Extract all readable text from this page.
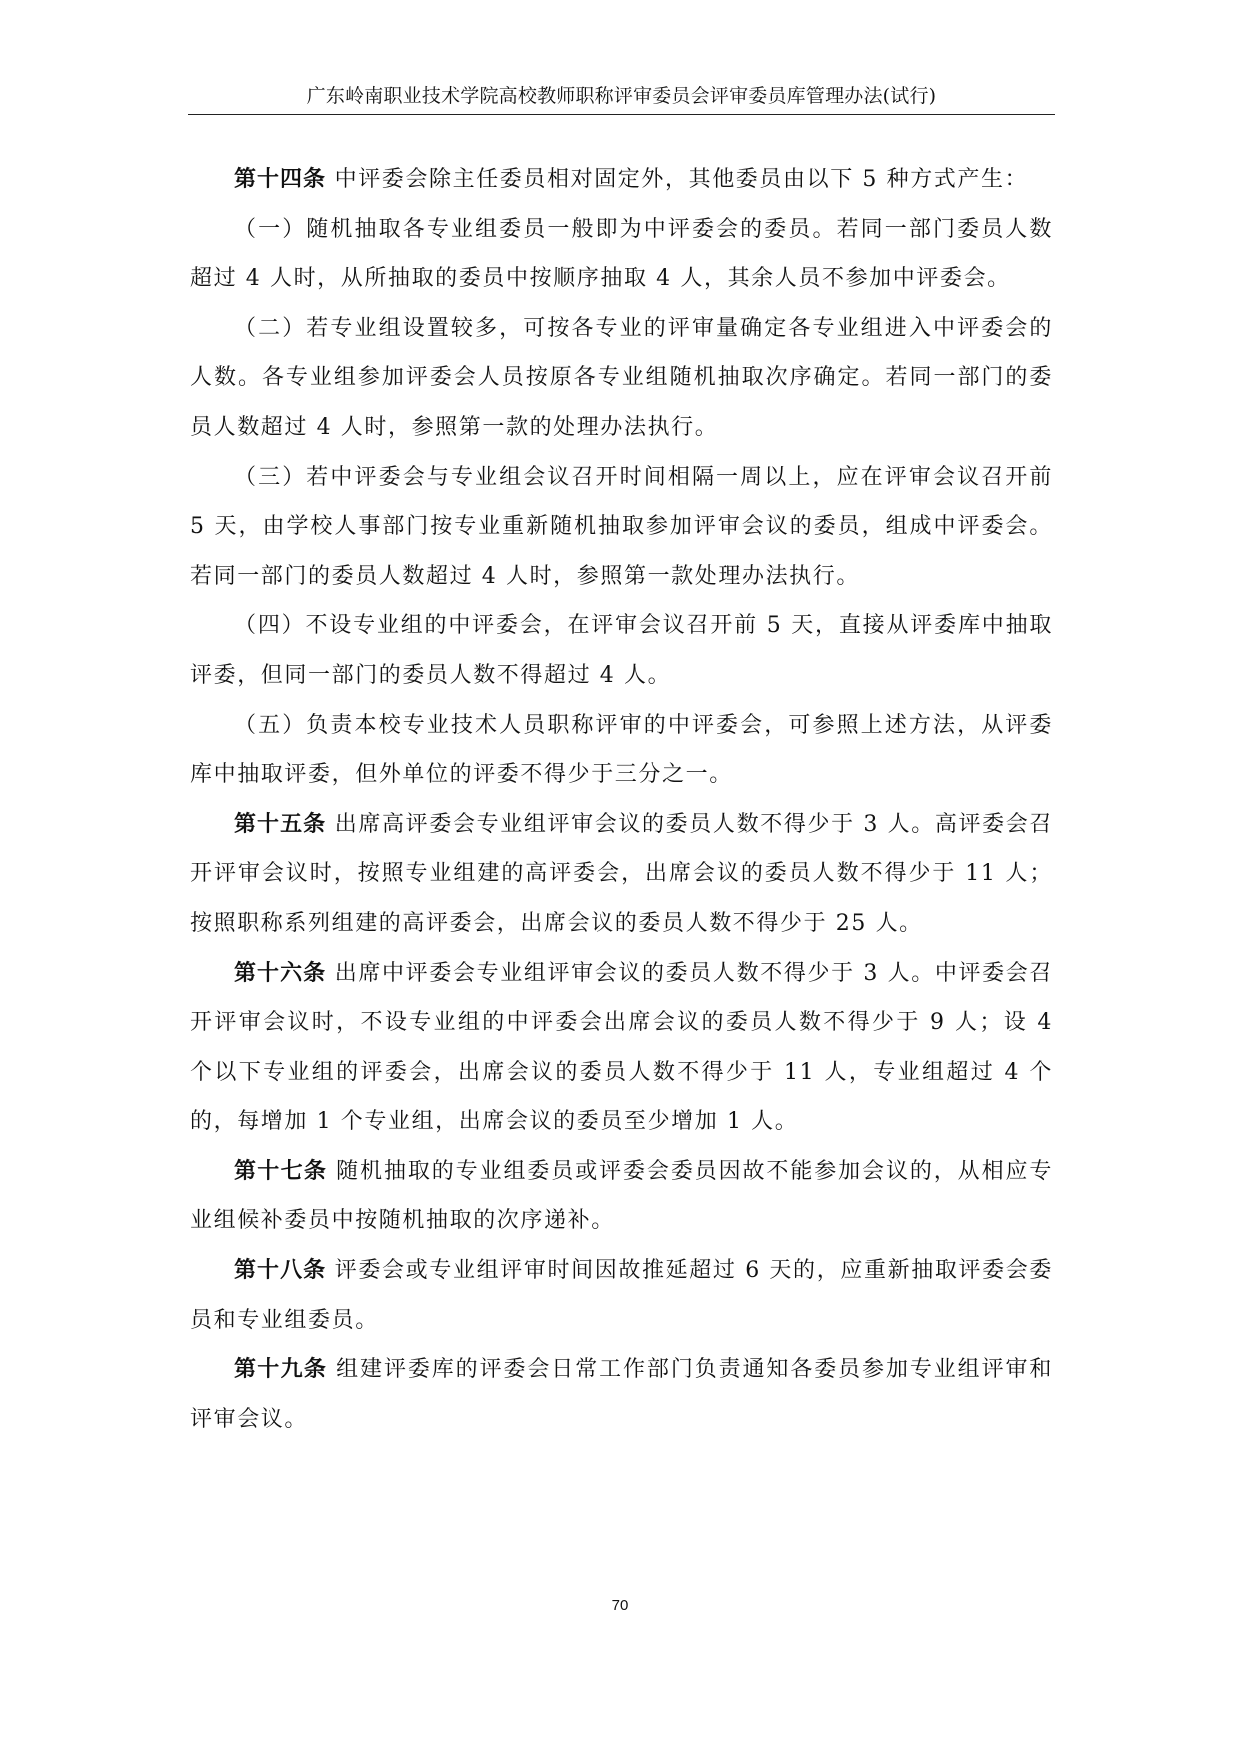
广东岭南职业技术学院高校教师职称评审委员会评审委员库管理办法(试行)

第十四条 中评委会除主任委员相对固定外，其他委员由以下 5 种方式产生：

（一）随机抽取各专业组委员一般即为中评委会的委员。若同一部门委员人数超过 4 人时，从所抽取的委员中按顺序抽取 4 人，其余人员不参加中评委会。

（二）若专业组设置较多，可按各专业的评审量确定各专业组进入中评委会的人数。各专业组参加评委会人员按原各专业组随机抽取次序确定。若同一部门的委员人数超过 4 人时，参照第一款的处理办法执行。

（三）若中评委会与专业组会议召开时间相隔一周以上，应在评审会议召开前 5 天，由学校人事部门按专业重新随机抽取参加评审会议的委员，组成中评委会。若同一部门的委员人数超过 4 人时，参照第一款处理办法执行。

（四）不设专业组的中评委会，在评审会议召开前 5 天，直接从评委库中抽取评委，但同一部门的委员人数不得超过 4 人。

（五）负责本校专业技术人员职称评审的中评委会，可参照上述方法，从评委库中抽取评委，但外单位的评委不得少于三分之一。

第十五条 出席高评委会专业组评审会议的委员人数不得少于 3 人。高评委会召开评审会议时，按照专业组建的高评委会，出席会议的委员人数不得少于 11 人；按照职称系列组建的高评委会，出席会议的委员人数不得少于 25 人。

第十六条 出席中评委会专业组评审会议的委员人数不得少于 3 人。中评委会召开评审会议时，不设专业组的中评委会出席会议的委员人数不得少于 9 人；设 4 个以下专业组的评委会，出席会议的委员人数不得少于 11 人，专业组超过 4 个的，每增加 1 个专业组，出席会议的委员至少增加 1 人。

第十七条 随机抽取的专业组委员或评委会委员因故不能参加会议的，从相应专业组候补委员中按随机抽取的次序递补。

第十八条 评委会或专业组评审时间因故推延超过 6 天的，应重新抽取评委会委员和专业组委员。

第十九条 组建评委库的评委会日常工作部门负责通知各委员参加专业组评审和评审会议。

70
